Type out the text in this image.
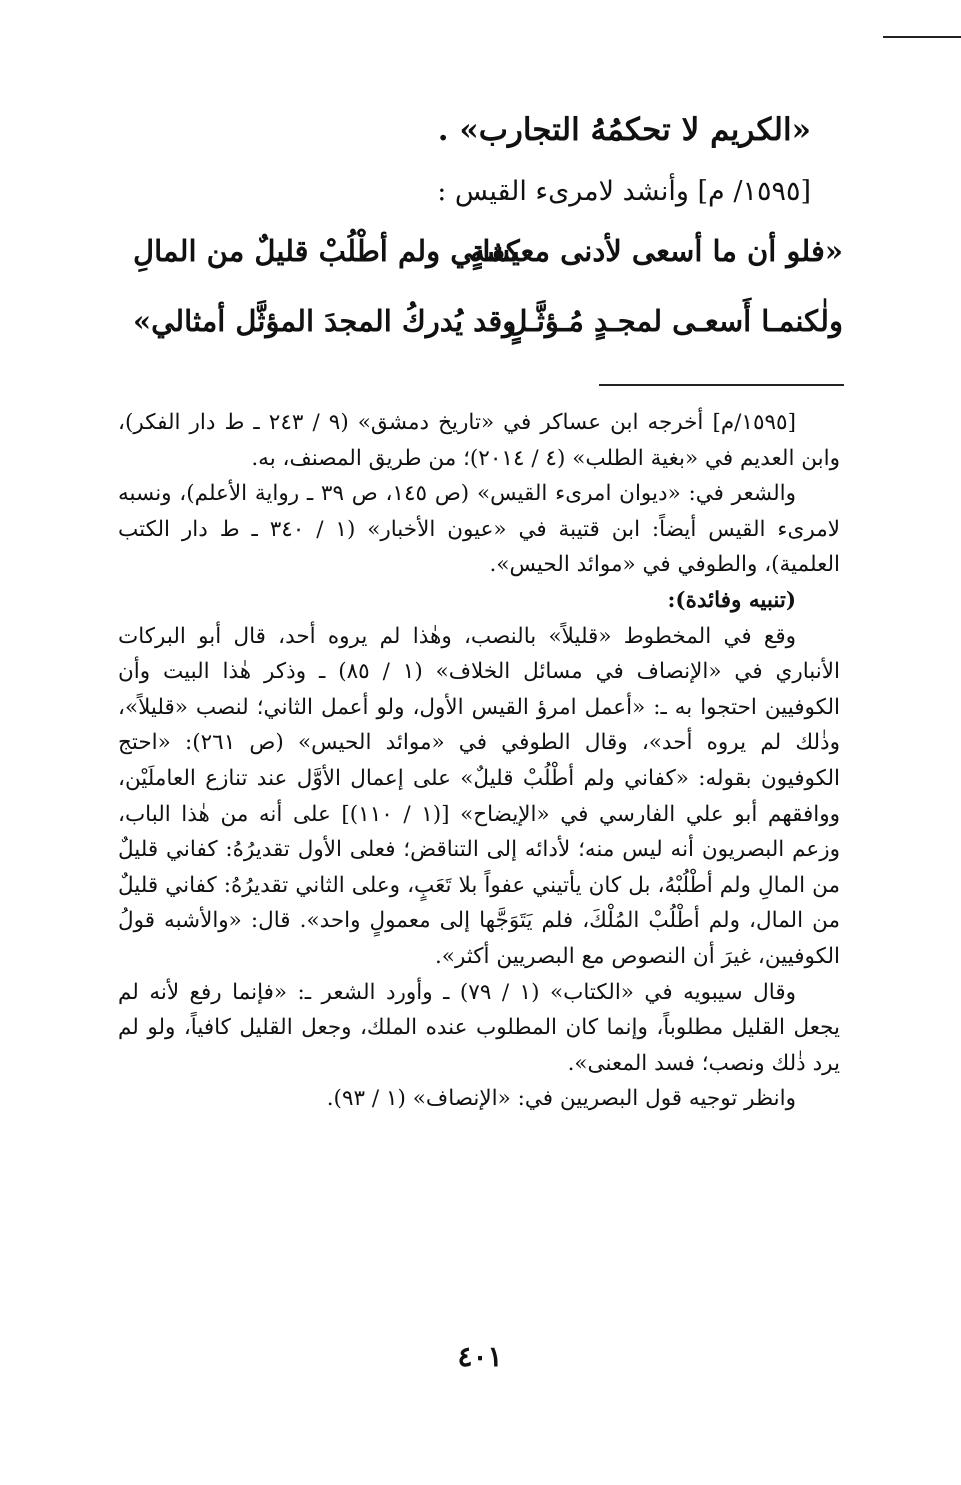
«الكريم لا تحكمُهُ التجارب» .
[١٥٩٥/ م] وأنشد لامرىء القيس :
«فلو أن ما أسعى لأدنى معيشةٍ
كفاني ولم أطْلُبْ قليلٌ من المالِ
ولٰكنمـا أَسعـى لمجـدٍ مُـؤثَّـلٍ
وقد يُدركُ المجدَ المؤثَّل أمثالي»

[١٥٩٥/م] أخرجه ابن عساكر في «تاريخ دمشق» (٩ / ٢٤٣ ـ ط دار الفكر)، وابن العديم في «بغية الطلب» (٤ / ٢٠١٤)؛ من طريق المصنف، به.

والشعر في: «ديوان امرىء القيس» (ص ١٤٥، ص ٣٩ ـ رواية الأعلم)، ونسبه لامرىء القيس أيضاً: ابن قتيبة في «عيون الأخبار» (١ / ٣٤٠ ـ ط دار الكتب العلمية)، والطوفي في «موائد الحيس».

(تنبيه وفائدة):

وقع في المخطوط «قليلاً» بالنصب، وهٰذا لم يروه أحد، قال أبو البركات الأنباري في «الإنصاف في مسائل الخلاف» (١ / ٨٥) ـ وذكر هٰذا البيت وأن الكوفيين احتجوا به ـ: «أعمل امرؤ القيس الأول، ولو أعمل الثاني؛ لنصب «قليلاً»، وذٰلك لم يروه أحد»، وقال الطوفي في «موائد الحيس» (ص ٢٦١): «احتج الكوفيون بقوله: «كفاني ولم أطْلُبْ قليلٌ» على إعمال الأوَّل عند تنازع العاملَيْن، ووافقهم أبو علي الفارسي في «الإيضاح» [(١ / ١١٠)] على أنه من هٰذا الباب، وزعم البصريون أنه ليس منه؛ لأدائه إلى التناقض؛ فعلى الأول تقديرُهُ: كفاني قليلٌ من المالِ ولم أطْلُبْهُ، بل كان يأتيني عفواً بلا تَعَبٍ، وعلى الثاني تقديرُهُ: كفاني قليلٌ من المال، ولم أطْلُبْ المُلْكَ، فلم يَتَوَجَّها إلى معمولٍ واحد». قال: «والأشبه قولُ الكوفيين، غيرَ أن النصوص مع البصريين أكثر».

وقال سيبويه في «الكتاب» (١ / ٧٩) ـ وأورد الشعر ـ: «فإنما رفع لأنه لم يجعل القليل مطلوباً، وإنما كان المطلوب عنده الملك، وجعل القليل كافياً، ولو لم يرد ذٰلك ونصب؛ فسد المعنى».

وانظر توجيه قول البصريين في: «الإنصاف» (١ / ٩٣).

٤٠١
